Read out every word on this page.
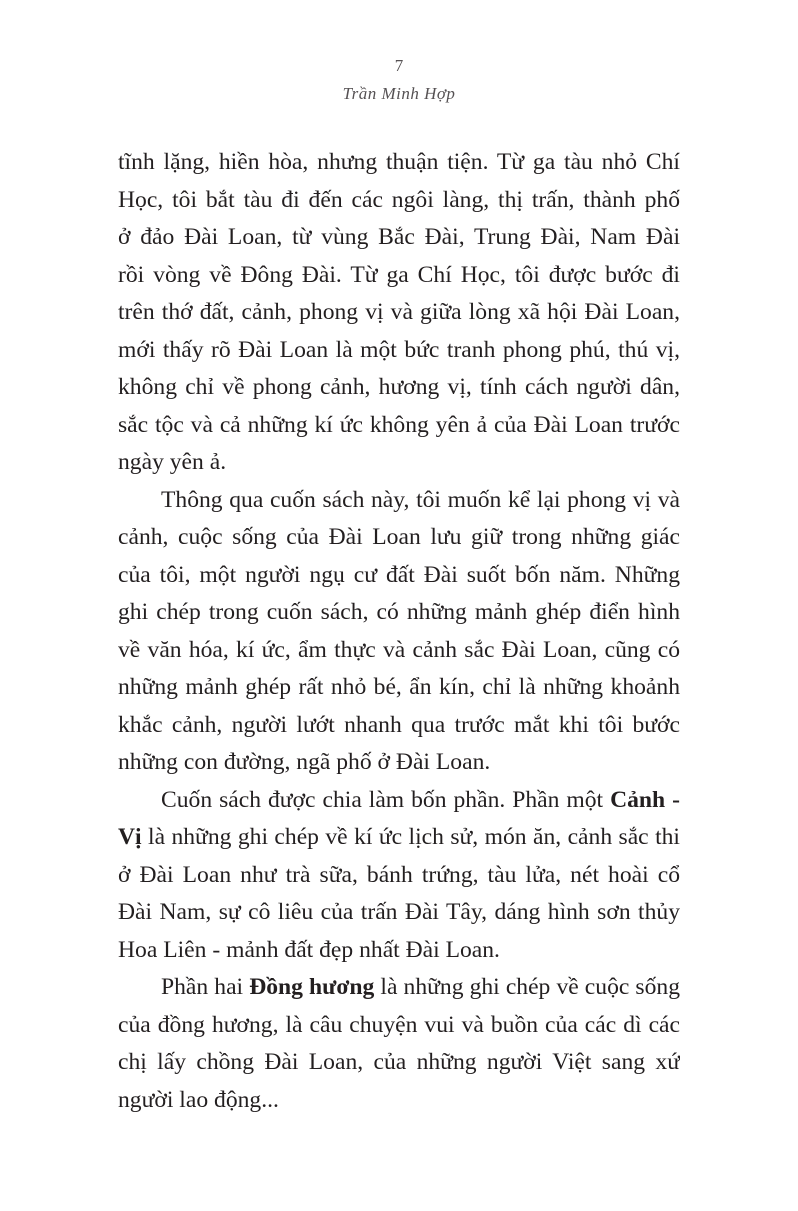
7
Trần Minh Hợp

tĩnh lặng, hiền hòa, nhưng thuận tiện. Từ ga tàu nhỏ Chí
Học, tôi bắt tàu đi đến các ngôi làng, thị trấn, thành phố
ở đảo Đài Loan, từ vùng Bắc Đài, Trung Đài, Nam Đài
rồi vòng về Đông Đài. Từ ga Chí Học, tôi được bước đi
trên thớ đất, cảnh, phong vị và giữa lòng xã hội Đài Loan,
mới thấy rõ Đài Loan là một bức tranh phong phú, thú vị,
không chỉ về phong cảnh, hương vị, tính cách người dân,
sắc tộc và cả những kí ức không yên ả của Đài Loan trước
ngày yên ả.

Thông qua cuốn sách này, tôi muốn kể lại phong vị và
cảnh, cuộc sống của Đài Loan lưu giữ trong những giác
của tôi, một người ngụ cư đất Đài suốt bốn năm. Những
ghi chép trong cuốn sách, có những mảnh ghép điển hình
về văn hóa, kí ức, ẩm thực và cảnh sắc Đài Loan, cũng có
những mảnh ghép rất nhỏ bé, ẩn kín, chỉ là những khoảnh
khắc cảnh, người lướt nhanh qua trước mắt khi tôi bước
những con đường, ngã phố ở Đài Loan.

Cuốn sách được chia làm bốn phần. Phần một Cảnh -
Vị là những ghi chép về kí ức lịch sử, món ăn, cảnh sắc thi
ở Đài Loan như trà sữa, bánh trứng, tàu lửa, nét hoài cổ
Đài Nam, sự cô liêu của trấn Đài Tây, dáng hình sơn thủy
Hoa Liên - mảnh đất đẹp nhất Đài Loan.

Phần hai Đồng hương là những ghi chép về cuộc sống
của đồng hương, là câu chuyện vui và buồn của các dì các
chị lấy chồng Đài Loan, của những người Việt sang xứ
người lao động...
